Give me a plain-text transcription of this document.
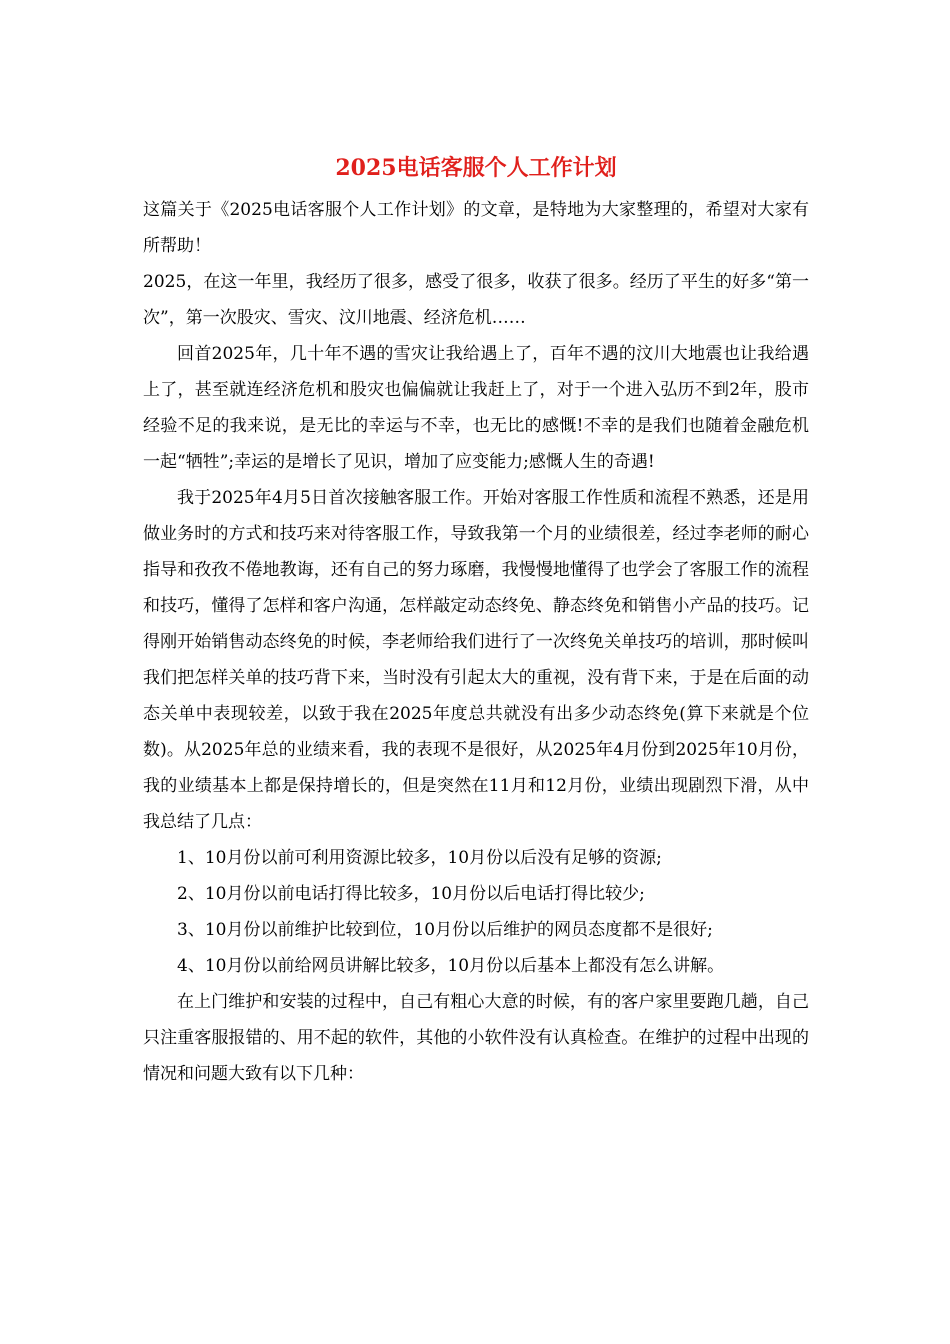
2025电话客服个人工作计划

这篇关于《2025电话客服个人工作计划》的文章，是特地为大家整理的，希望对大家有所帮助！

2025，在这一年里，我经历了很多，感受了很多，收获了很多。经历了平生的好多“第一次”，第一次股灾、雪灾、汶川地震、经济危机……

回首2025年，几十年不遇的雪灾让我给遇上了，百年不遇的汶川大地震也让我给遇上了，甚至就连经济危机和股灾也偏偏就让我赶上了，对于一个进入弘历不到2年，股市经验不足的我来说，是无比的幸运与不幸，也无比的感慨!不幸的是我们也随着金融危机一起“牺牲”;幸运的是增长了见识，增加了应变能力;感慨人生的奇遇!

我于2025年4月5日首次接触客服工作。开始对客服工作性质和流程不熟悉，还是用做业务时的方式和技巧来对待客服工作，导致我第一个月的业绩很差，经过李老师的耐心指导和孜孜不倦地教诲，还有自己的努力琢磨，我慢慢地懂得了也学会了客服工作的流程和技巧，懂得了怎样和客户沟通，怎样敲定动态终免、静态终免和销售小产品的技巧。记得刚开始销售动态终免的时候，李老师给我们进行了一次终免关单技巧的培训，那时候叫我们把怎样关单的技巧背下来，当时没有引起太大的重视，没有背下来，于是在后面的动态关单中表现较差，以致于我在2025年度总共就没有出多少动态终免(算下来就是个位数)。从2025年总的业绩来看，我的表现不是很好，从2025年4月份到2025年10月份，我的业绩基本上都是保持增长的，但是突然在11月和12月份，业绩出现剧烈下滑，从中我总结了几点：

1、10月份以前可利用资源比较多，10月份以后没有足够的资源;

2、10月份以前电话打得比较多，10月份以后电话打得比较少;

3、10月份以前维护比较到位，10月份以后维护的网员态度都不是很好;

4、10月份以前给网员讲解比较多，10月份以后基本上都没有怎么讲解。

在上门维护和安装的过程中，自己有粗心大意的时候，有的客户家里要跑几趟，自己只注重客服报错的、用不起的软件，其他的小软件没有认真检查。在维护的过程中出现的情况和问题大致有以下几种：
